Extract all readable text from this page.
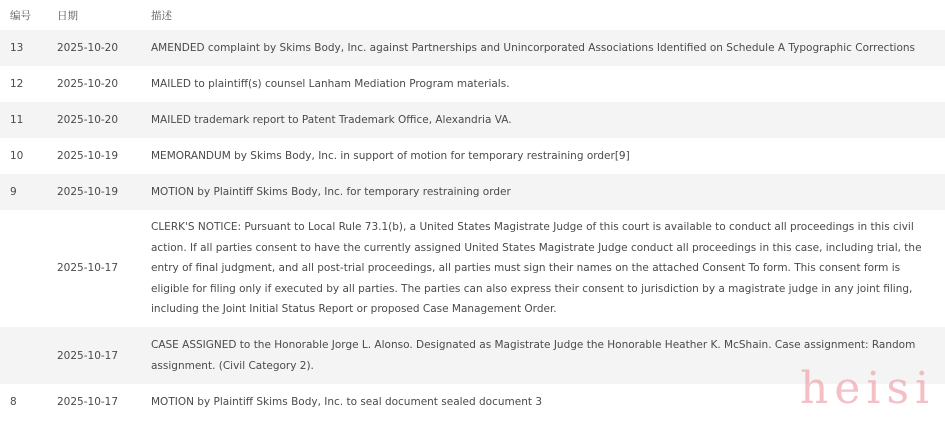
编号	日期	描述
13	2025-10-20	AMENDED complaint by Skims Body, Inc. against Partnerships and Unincorporated Associations Identified on Schedule A Typographic Corrections
12	2025-10-20	MAILED to plaintiff(s) counsel Lanham Mediation Program materials.
11	2025-10-20	MAILED trademark report to Patent Trademark Office, Alexandria VA.
10	2025-10-19	MEMORANDUM by Skims Body, Inc. in support of motion for temporary restraining order[9]
9	2025-10-19	MOTION by Plaintiff Skims Body, Inc. for temporary restraining order
	2025-10-17	CLERK'S NOTICE: Pursuant to Local Rule 73.1(b), a United States Magistrate Judge of this court is available to conduct all proceedings in this civil action. If all parties consent to have the currently assigned United States Magistrate Judge conduct all proceedings in this case, including trial, the entry of final judgment, and all post-trial proceedings, all parties must sign their names on the attached Consent To form. This consent form is eligible for filing only if executed by all parties. The parties can also express their consent to jurisdiction by a magistrate judge in any joint filing, including the Joint Initial Status Report or proposed Case Management Order.
	2025-10-17	CASE ASSIGNED to the Honorable Jorge L. Alonso. Designated as Magistrate Judge the Honorable Heather K. McShain. Case assignment: Random assignment. (Civil Category 2).
8	2025-10-17	MOTION by Plaintiff Skims Body, Inc. to seal document sealed document 3	heisi
